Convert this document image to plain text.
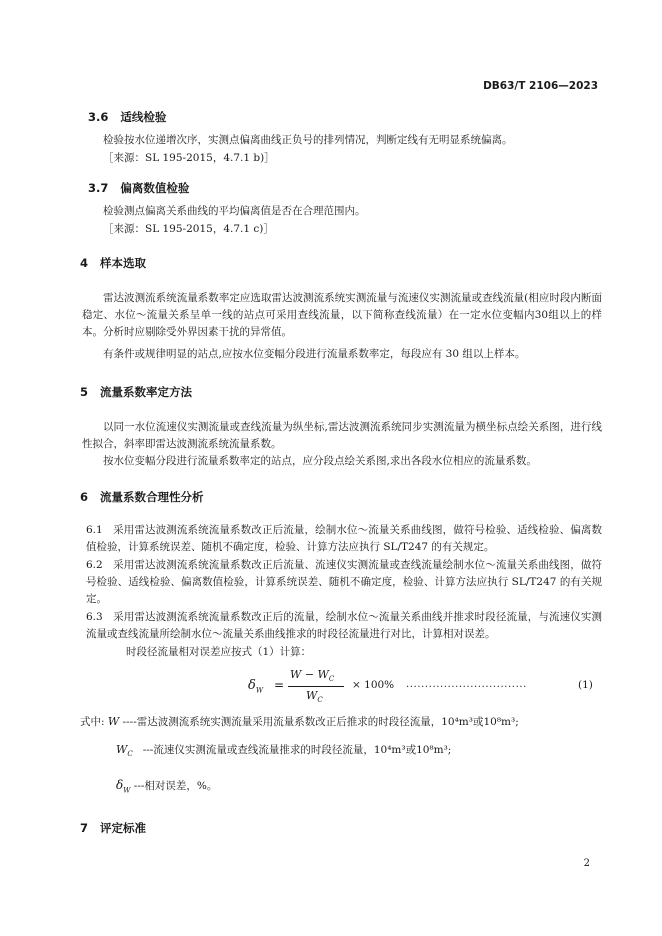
DB63/T 2106—2023
3.6 适线检验
检验按水位递增次序，实测点偏离曲线正负号的排列情况，判断定线有无明显系统偏离。
［来源：SL 195-2015，4.7.1 b)］
3.7 偏离数值检验
检验测点偏离关系曲线的平均偏离值是否在合理范围内。
［来源：SL 195-2015，4.7.1 c)］
4 样本选取
雷达波测流系统流量系数率定应选取雷达波测流系统实测流量与流速仪实测流量或查线流量(相应时段内断面稳定、水位～流量关系呈单一线的站点可采用查线流量，以下简称查线流量）在一定水位变幅内30组以上的样本。分析时应剔除受外界因素干扰的异常值。
有条件或规律明显的站点,应按水位变幅分段进行流量系数率定，每段应有 30 组以上样本。
5 流量系数率定方法
以同一水位流速仪实测流量或查线流量为纵坐标,雷达波测流系统同步实测流量为横坐标点绘关系图，进行线性拟合，斜率即雷达波测流系统流量系数。
按水位变幅分段进行流量系数率定的站点，应分段点绘关系图,求出各段水位相应的流量系数。
6 流量系数合理性分析
6.1 采用雷达波测流系统流量系数改正后流量，绘制水位～流量关系曲线图，做符号检验、适线检验、偏离数值检验，计算系统误差、随机不确定度，检验、计算方法应执行 SL/T247 的有关规定。
6.2 采用雷达波测流系统流量系数改正后流量、流速仪实测流量或查线流量绘制水位～流量关系曲线图，做符号检验、适线检验、偏离数值检验，计算系统误差、随机不确定度，检验、计算方法应执行 SL/T247 的有关规定。
6.3 采用雷达波测流系统流量系数改正后的流量，绘制水位～流量关系曲线并推求时段径流量，与流速仪实测流量或查线流量所绘制水位～流量关系曲线推求的时段径流量进行对比，计算相对误差。
时段径流量相对误差应按式（1）计算：
$\delta_W$ =
$W - W_C$
$W_C$
× 100% ................................	(1)
式中: W ----雷达波测流系统实测流量采用流量系数改正后推求的时段径流量，10⁴m³或10⁸m³;
$W_C$ ---流速仪实测流量或查线流量推求的时段径流量，10⁴m³或10⁸m³;
$\delta_W$ ---相对误差，%。
7 评定标准
2
